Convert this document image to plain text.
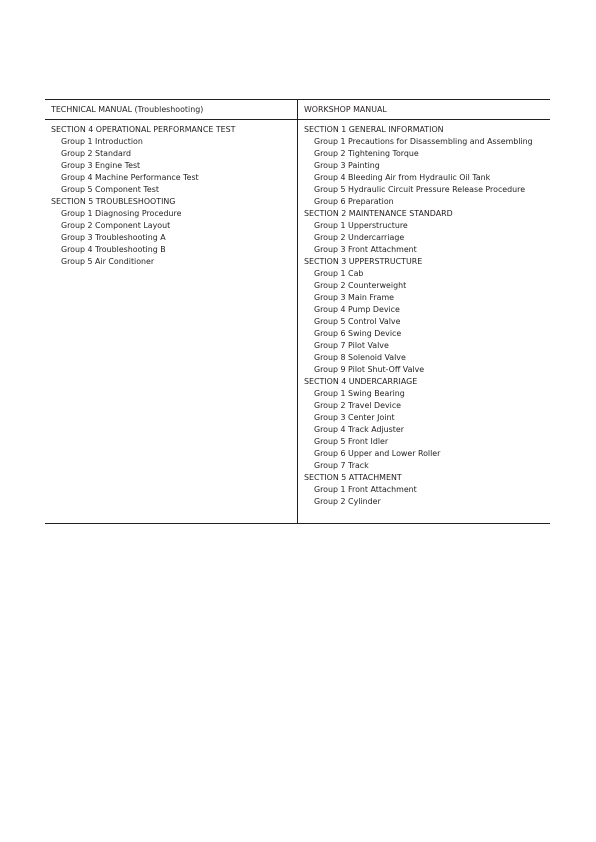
TECHNICAL MANUAL (Troubleshooting)
SECTION 4 OPERATIONAL PERFORMANCE TEST
Group 1 Introduction
Group 2 Standard
Group 3 Engine Test
Group 4 Machine Performance Test
Group 5 Component Test
SECTION 5 TROUBLESHOOTING
Group 1 Diagnosing Procedure
Group 2 Component Layout
Group 3 Troubleshooting A
Group 4 Troubleshooting B
Group 5 Air Conditioner
WORKSHOP MANUAL
SECTION 1 GENERAL INFORMATION
Group 1 Precautions for Disassembling and Assembling
Group 2 Tightening Torque
Group 3 Painting
Group 4 Bleeding Air from Hydraulic Oil Tank
Group 5 Hydraulic Circuit Pressure Release Procedure
Group 6 Preparation
SECTION 2 MAINTENANCE STANDARD
Group 1 Upperstructure
Group 2 Undercarriage
Group 3 Front Attachment
SECTION 3 UPPERSTRUCTURE
Group 1 Cab
Group 2 Counterweight
Group 3 Main Frame
Group 4 Pump Device
Group 5 Control Valve
Group 6 Swing Device
Group 7 Pilot Valve
Group 8 Solenoid Valve
Group 9 Pilot Shut-Off Valve
SECTION 4 UNDERCARRIAGE
Group 1 Swing Bearing
Group 2 Travel Device
Group 3 Center Joint
Group 4 Track Adjuster
Group 5 Front Idler
Group 6 Upper and Lower Roller
Group 7 Track
SECTION 5 ATTACHMENT
Group 1 Front Attachment
Group 2 Cylinder
